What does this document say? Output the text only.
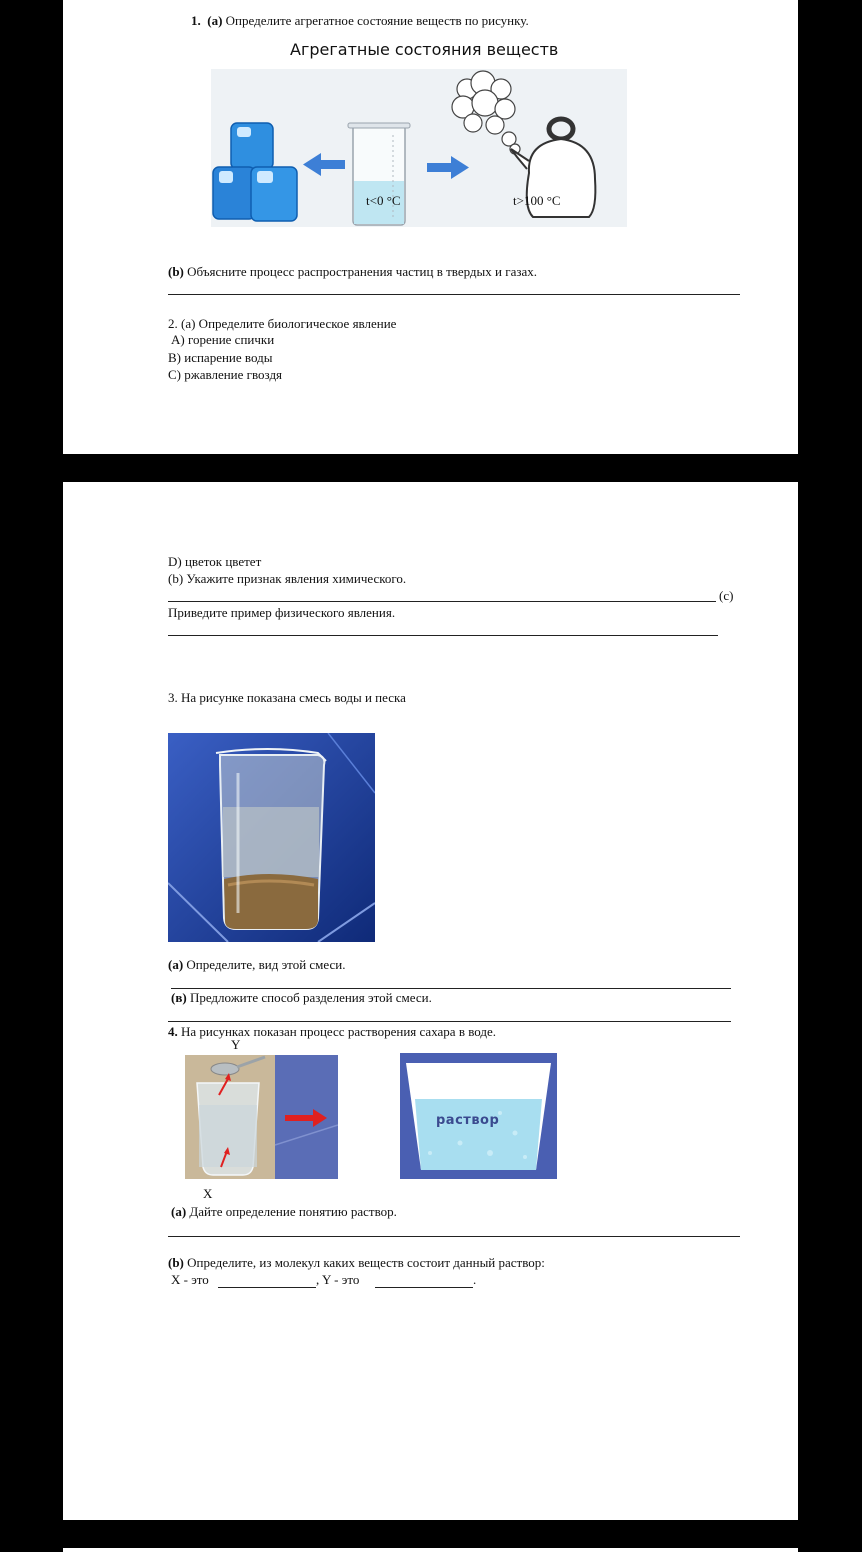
1. (a) Определите агрегатное состояние веществ по рисунку.
Агрегатные состояния веществ
t<0 °C	t>100 °C
(b) Объясните процесс распространения частиц в твердых и газах.
2. (а) Определите биологическое явление
A) горение спички
B) испарение воды
C) ржавление гвоздя
D) цветок цветет
(b) Укажите признак явления химического.
(c)
Приведите пример физического явления.
3. На рисунке показана смесь воды и песка
(а) Определите, вид этой смеси.
(в) Предложите способ разделения этой смеси.
4. На рисунках показан процесс растворения сахара в воде.
Y
раствор
X
(а) Дайте определение понятию раствор.
(b) Определите, из молекул каких веществ состоит данный раствор:
X - это	, Y - это	.
